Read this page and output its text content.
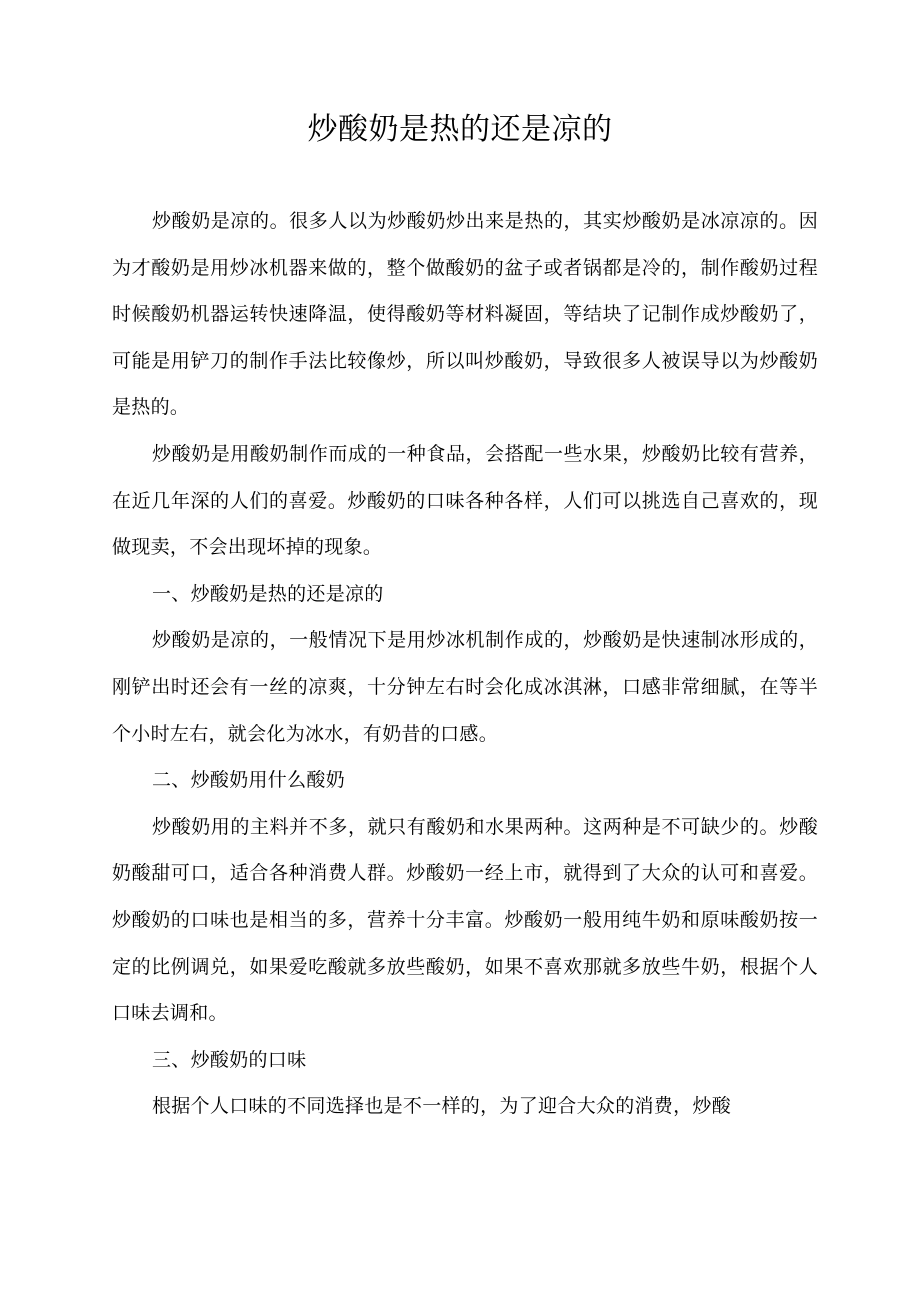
炒酸奶是热的还是凉的

炒酸奶是凉的。很多人以为炒酸奶炒出来是热的，其实炒酸奶是冰凉凉的。因为才酸奶是用炒冰机器来做的，整个做酸奶的盆子或者锅都是冷的，制作酸奶过程时候酸奶机器运转快速降温，使得酸奶等材料凝固，等结块了记制作成炒酸奶了，可能是用铲刀的制作手法比较像炒，所以叫炒酸奶，导致很多人被误导以为炒酸奶是热的。

炒酸奶是用酸奶制作而成的一种食品，会搭配一些水果，炒酸奶比较有营养，在近几年深的人们的喜爱。炒酸奶的口味各种各样，人们可以挑选自己喜欢的，现做现卖，不会出现坏掉的现象。

一、炒酸奶是热的还是凉的

炒酸奶是凉的，一般情况下是用炒冰机制作成的，炒酸奶是快速制冰形成的，刚铲出时还会有一丝的凉爽，十分钟左右时会化成冰淇淋，口感非常细腻，在等半个小时左右，就会化为冰水，有奶昔的口感。

二、炒酸奶用什么酸奶

炒酸奶用的主料并不多，就只有酸奶和水果两种。这两种是不可缺少的。炒酸奶酸甜可口，适合各种消费人群。炒酸奶一经上市，就得到了大众的认可和喜爱。炒酸奶的口味也是相当的多，营养十分丰富。炒酸奶一般用纯牛奶和原味酸奶按一定的比例调兑，如果爱吃酸就多放些酸奶，如果不喜欢那就多放些牛奶，根据个人口味去调和。

三、炒酸奶的口味

根据个人口味的不同选择也是不一样的，为了迎合大众的消费，炒酸
